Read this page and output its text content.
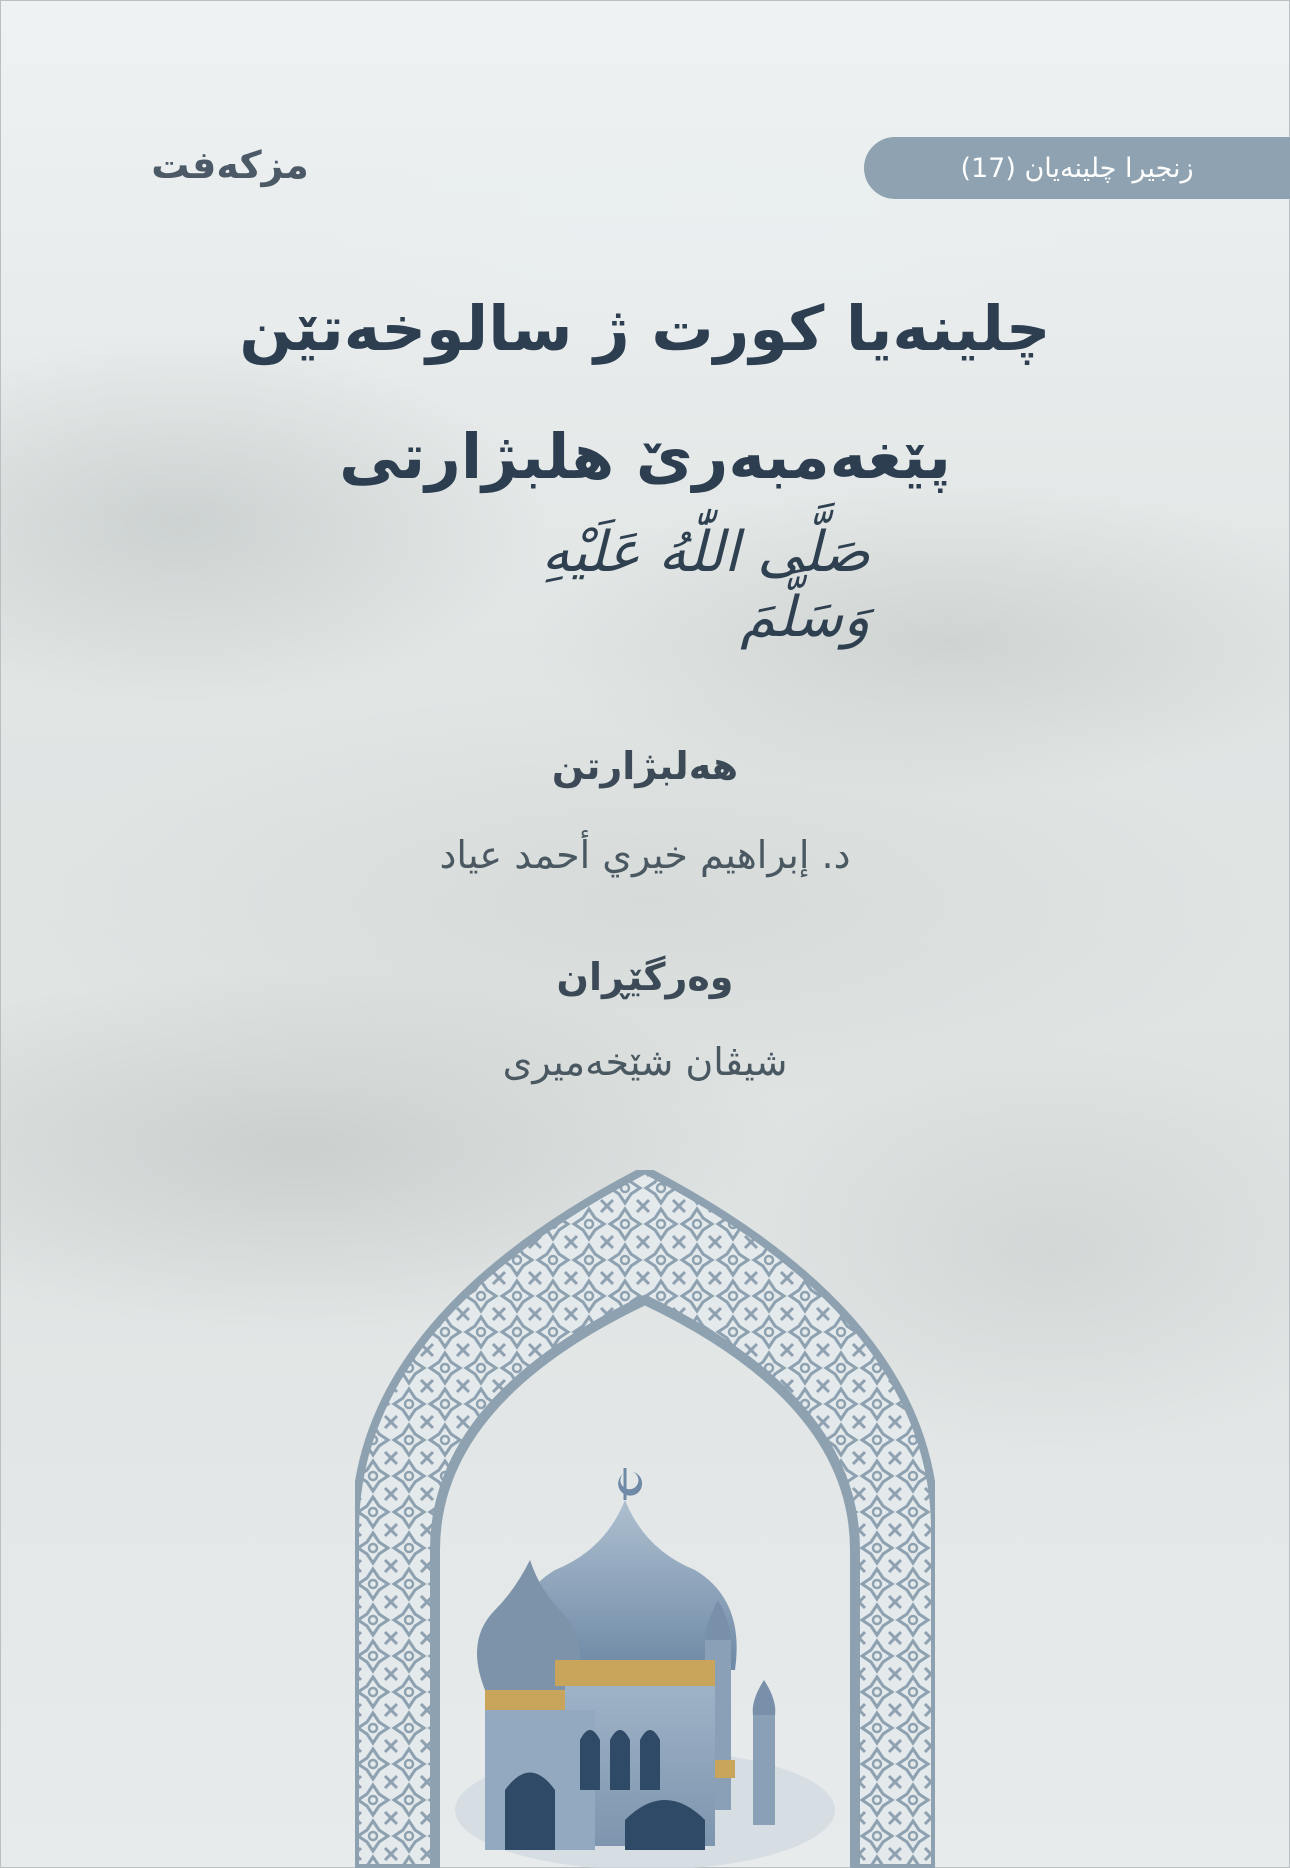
زنجیرا چلینەیان (17)
مزکەفت
چلینەیا کورت ژ سالوخەتێن
پێغەمبەرێ هلبژارتی
صَلَّى اللّٰهُ عَلَيْهِ وَسَلَّمَ
هەلبژارتن
د. إبراهيم خيري أحمد عياد
وەرگێڕان
شیڤان شێخەمیری
